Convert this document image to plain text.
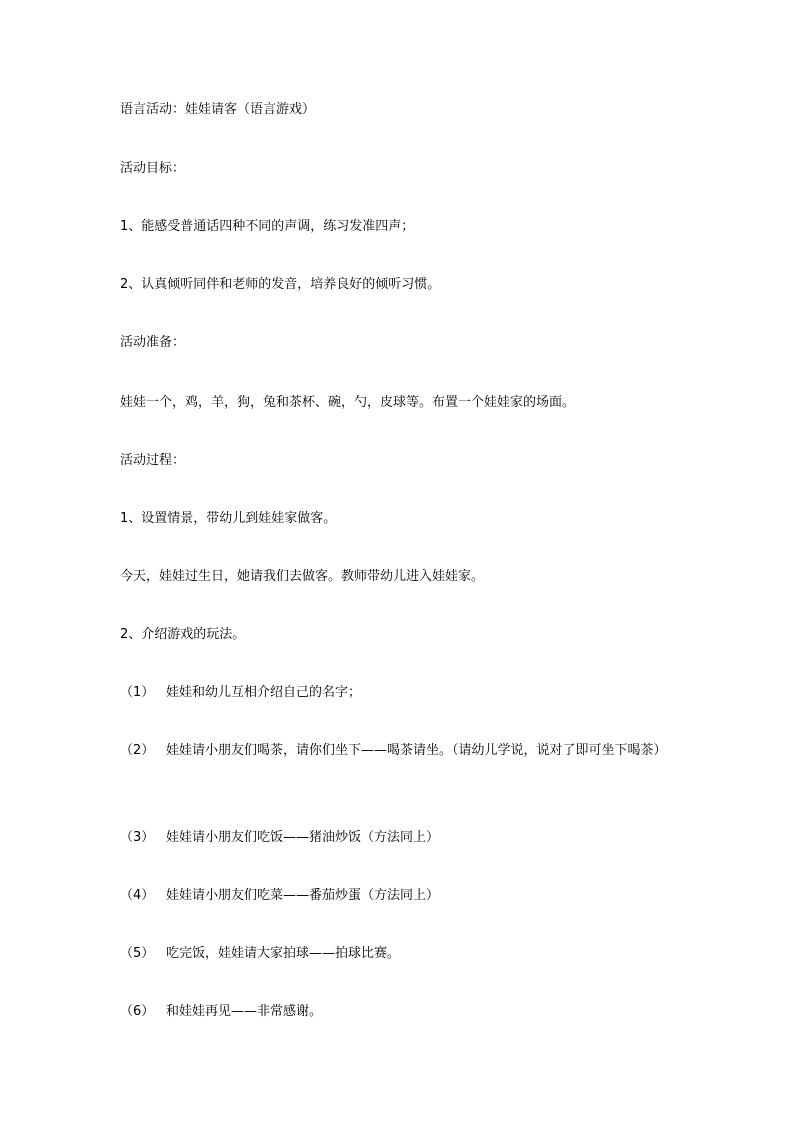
语言活动：娃娃请客（语言游戏）
活动目标：
1、能感受普通话四种不同的声调，练习发准四声；
2、认真倾听同伴和老师的发音，培养良好的倾听习惯。
活动准备：
娃娃一个，鸡，羊，狗，兔和茶杯、碗，勺，皮球等。布置一个娃娃家的场面。
活动过程：
1、设置情景，带幼儿到娃娃家做客。
今天，娃娃过生日，她请我们去做客。教师带幼儿进入娃娃家。
2、介绍游戏的玩法。
（1） 娃娃和幼儿互相介绍自己的名字；
（2） 娃娃请小朋友们喝茶，请你们坐下——喝茶请坐。（请幼儿学说，说对了即可坐下喝茶）
（3） 娃娃请小朋友们吃饭——猪油炒饭（方法同上）
（4） 娃娃请小朋友们吃菜——番茄炒蛋（方法同上）
（5） 吃完饭，娃娃请大家拍球——拍球比赛。
（6） 和娃娃再见——非常感谢。
